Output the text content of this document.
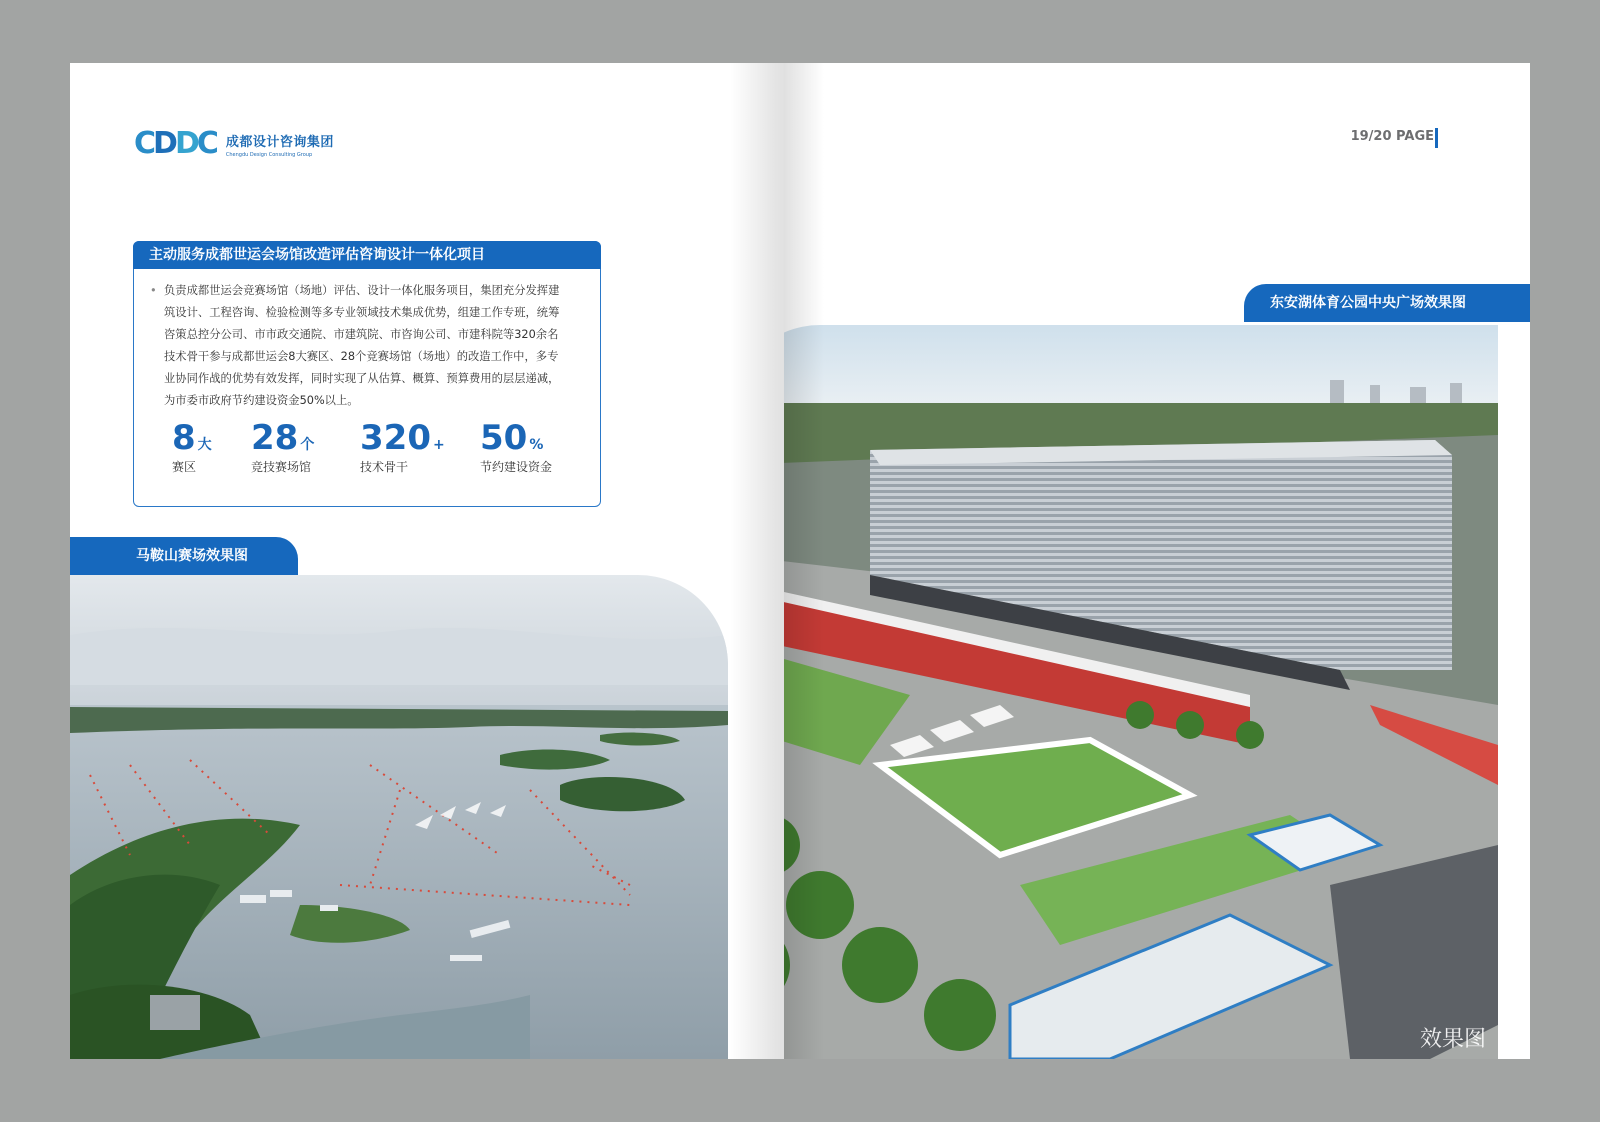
CDDC 成都设计咨询集团
Chengdu Design Consulting Group
主动服务成都世运会场馆改造评估咨询设计一体化项目
• 负责成都世运会竞赛场馆（场地）评估、设计一体化服务项目，集团充分发挥建筑设计、工程咨询、检验检测等多专业领域技术集成优势，组建工作专班，统筹咨策总控分公司、市市政交通院、市建筑院、市咨询公司、市建科院等320余名技术骨干参与成都世运会8大赛区、28个竞赛场馆（场地）的改造工作中，多专业协同作战的优势有效发挥，同时实现了从估算、概算、预算费用的层层递减，为市委市政府节约建设资金50%以上。
8 大
赛区
28 个
竞技赛场馆
320 +
技术骨干
50 %
节约建设资金
马鞍山赛场效果图
19/20 PAGE
东安湖体育公园中央广场效果图
效果图
